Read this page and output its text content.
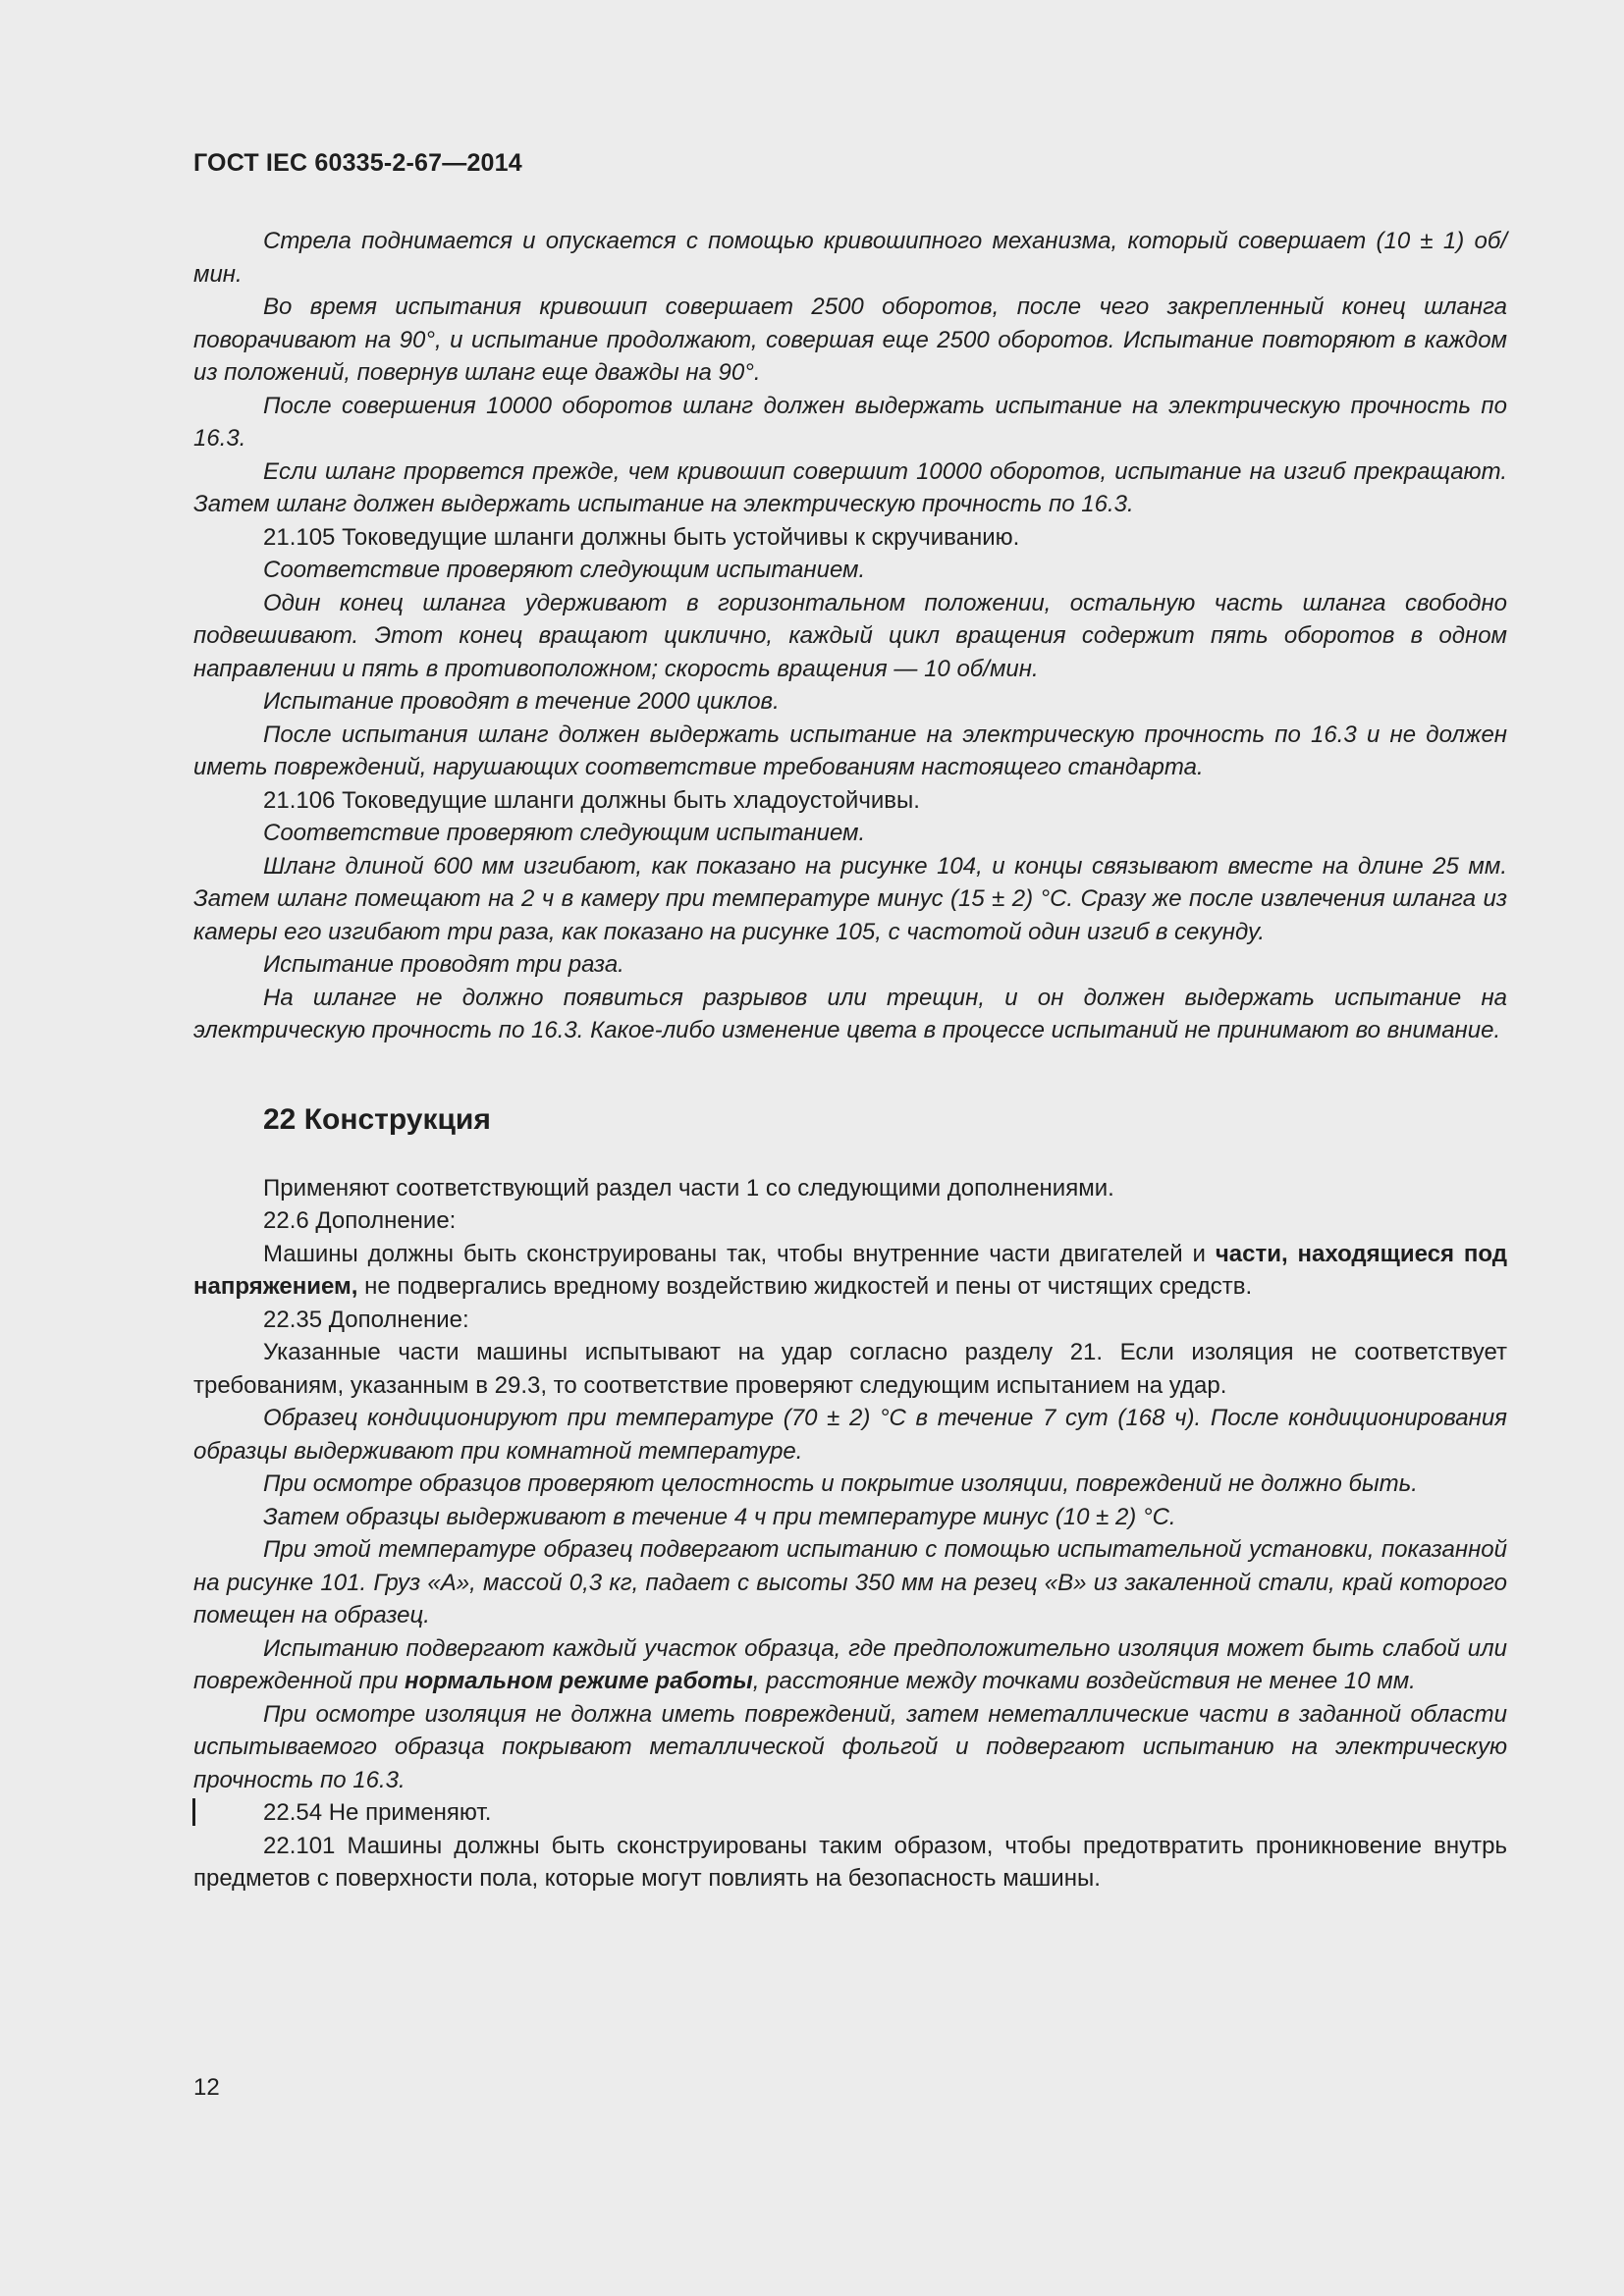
ГОСТ IEC 60335-2-67—2014

Стрела поднимается и опускается с помощью кривошипного механизма, который совершает (10 ± 1) об/мин.

Во время испытания кривошип совершает 2500 оборотов, после чего закрепленный конец шланга поворачивают на 90°, и испытание продолжают, совершая еще 2500 оборотов. Испытание повторяют в каждом из положений, повернув шланг еще дважды на 90°.

После совершения 10000 оборотов шланг должен выдержать испытание на электрическую прочность по 16.3.

Если шланг прорвется прежде, чем кривошип совершит 10000 оборотов, испытание на изгиб прекращают. Затем шланг должен выдержать испытание на электрическую прочность по 16.3.

21.105 Токоведущие шланги должны быть устойчивы к скручиванию.

Соответствие проверяют следующим испытанием.

Один конец шланга удерживают в горизонтальном положении, остальную часть шланга свободно подвешивают. Этот конец вращают циклично, каждый цикл вращения содержит пять оборотов в одном направлении и пять в противоположном; скорость вращения — 10 об/мин.

Испытание проводят в течение 2000 циклов.

После испытания шланг должен выдержать испытание на электрическую прочность по 16.3 и не должен иметь повреждений, нарушающих соответствие требованиям настоящего стандарта.

21.106 Токоведущие шланги должны быть хладоустойчивы.

Соответствие проверяют следующим испытанием.

Шланг длиной 600 мм изгибают, как показано на рисунке 104, и концы связывают вместе на длине 25 мм. Затем шланг помещают на 2 ч в камеру при температуре минус (15 ± 2) °С. Сразу же после извлечения шланга из камеры его изгибают три раза, как показано на рисунке 105, с частотой один изгиб в секунду.

Испытание проводят три раза.

На шланге не должно появиться разрывов или трещин, и он должен выдержать испытание на электрическую прочность по 16.3. Какое-либо изменение цвета в процессе испытаний не принимают во внимание.

22 Конструкция

Применяют соответствующий раздел части 1 со следующими дополнениями.

22.6 Дополнение:

Машины должны быть сконструированы так, чтобы внутренние части двигателей и части, находящиеся под напряжением, не подвергались вредному воздействию жидкостей и пены от чистящих средств.

22.35 Дополнение:

Указанные части машины испытывают на удар согласно разделу 21. Если изоляция не соответствует требованиям, указанным в 29.3, то соответствие проверяют следующим испытанием на удар.

Образец кондиционируют при температуре (70 ± 2) °С в течение 7 сут (168 ч). После кондиционирования образцы выдерживают при комнатной температуре.

При осмотре образцов проверяют целостность и покрытие изоляции, повреждений не должно быть.

Затем образцы выдерживают в течение 4 ч при температуре минус (10 ± 2) °С.

При этой температуре образец подвергают испытанию с помощью испытательной установки, показанной на рисунке 101. Груз «А», массой 0,3 кг, падает с высоты 350 мм на резец «В» из закаленной стали, край которого помещен на образец.

Испытанию подвергают каждый участок образца, где предположительно изоляция может быть слабой или поврежденной при нормальном режиме работы, расстояние между точками воздействия не менее 10 мм.

При осмотре изоляция не должна иметь повреждений, затем неметаллические части в заданной области испытываемого образца покрывают металлической фольгой и подвергают испытанию на электрическую прочность по 16.3.

22.54 Не применяют.

22.101 Машины должны быть сконструированы таким образом, чтобы предотвратить проникновение внутрь предметов с поверхности пола, которые могут повлиять на безопасность машины.

12
